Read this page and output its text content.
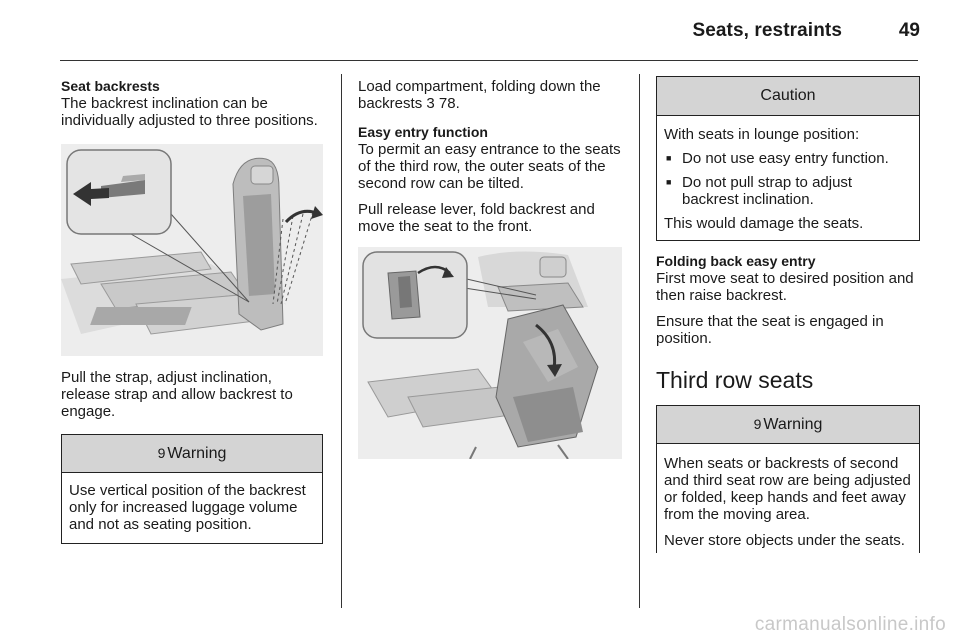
Seats, restraints	49

Seat backrests

The backrest inclination can be individually adjusted to three positions.

Pull the strap, adjust inclination, release strap and allow backrest to engage.

9 Warning

Use vertical position of the backrest only for increased luggage volume and not as seating position.

Load compartment, folding down the backrests 3 78.

Easy entry function

To permit an easy entrance to the seats of the third row, the outer seats of the second row can be tilted.

Pull release lever, fold backrest and move the seat to the front.

Caution

With seats in lounge position:

■ Do not use easy entry function.
■ Do not pull strap to adjust backrest inclination.

This would damage the seats.

Folding back easy entry

First move seat to desired position and then raise backrest.

Ensure that the seat is engaged in position.

Third row seats
9 Warning

When seats or backrests of second and third seat row are being adjusted or folded, keep hands and feet away from the moving area.

Never store objects under the seats.

carmanualsonline.info
